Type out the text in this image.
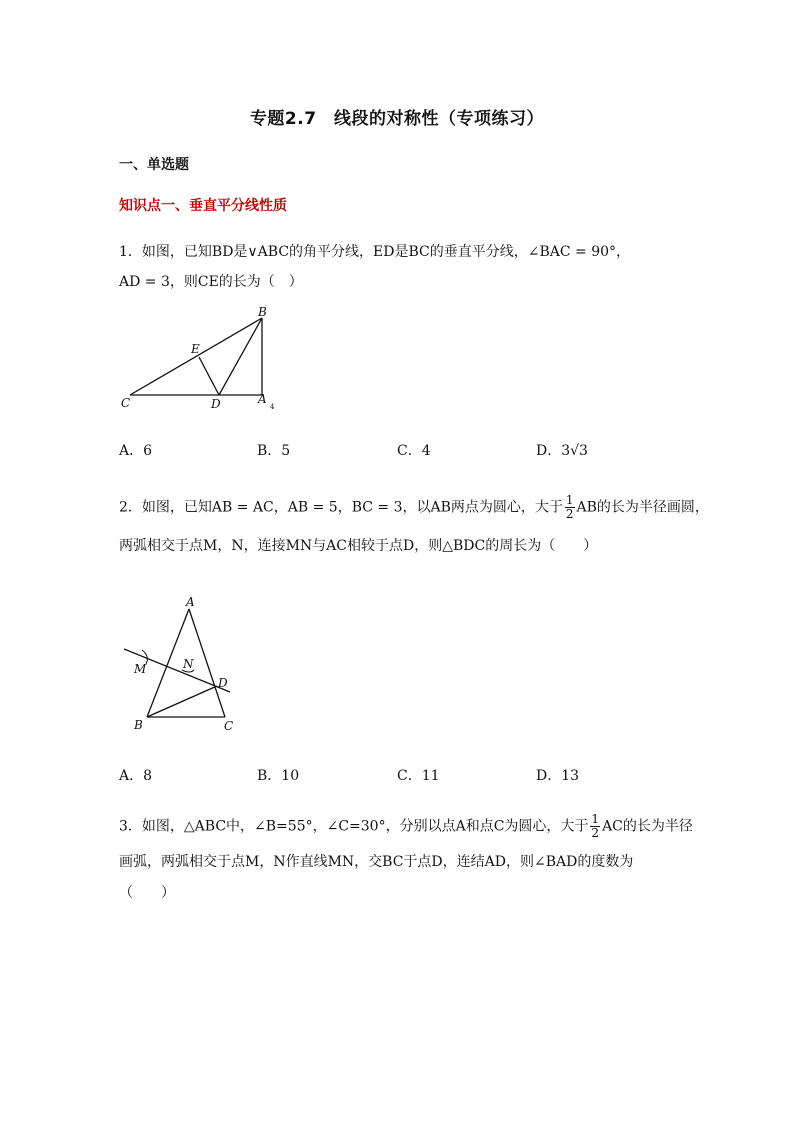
专题2.7　线段的对称性（专项练习）
一、单选题
知识点一、垂直平分线性质
1．如图，已知BD是∨ABC的角平分线，ED是BC的垂直平分线，∠BAC = 90°，
AD = 3，则CE的长为（　）
B
E
C	D	A
4
A．6	B．5	C．4	D．3√3
2．如图，已知AB = AC，AB = 5，BC = 3，以AB两点为圆心，大于 $\frac{1}{2}$ AB的长为半径画圆，
两弧相交于点M，N，连接MN与AC相较于点D，则△BDC的周长为（　　）
A
N
M
D
B	C
A．8	B．10	C．11	D．13
3．如图，△ABC中，∠B=55°，∠C=30°，分别以点A和点C为圆心，大于 $\frac{1}{2}$ AC的长为半径
画弧，两弧相交于点M，N作直线MN，交BC于点D，连结AD，则∠BAD的度数为
（　　）
